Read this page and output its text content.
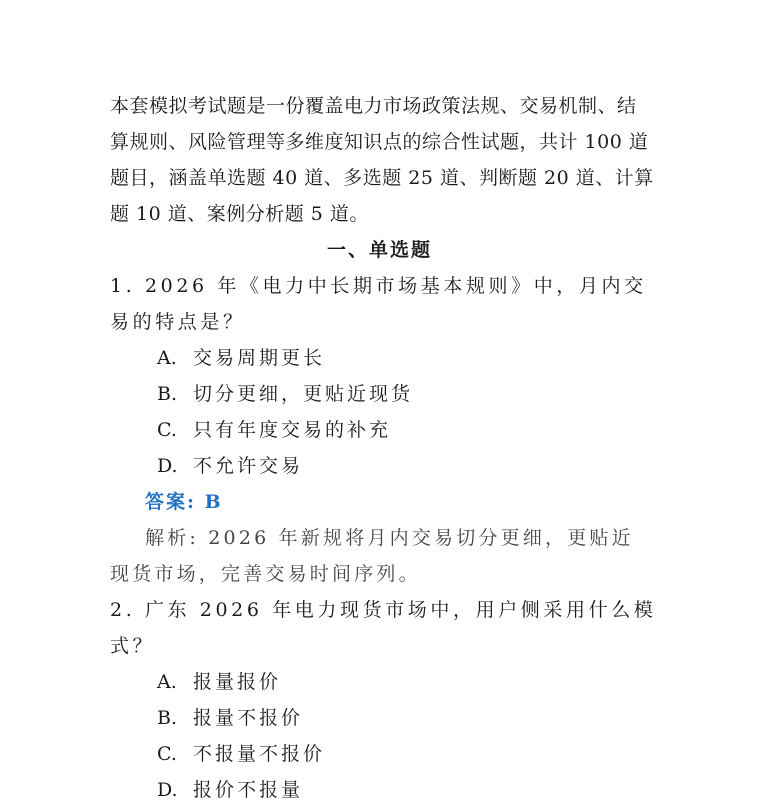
本套模拟考试题是一份覆盖电力市场政策法规、交易机制、结算规则、风险管理等多维度知识点的综合性试题，共计 100 道题目，涵盖单选题 40 道、多选题 25 道、判断题 20 道、计算题 10 道、案例分析题 5 道。
一、单选题
1. 2026 年《电力中长期市场基本规则》中，月内交
易的特点是？
A. 交易周期更长
B. 切分更细，更贴近现货
C. 只有年度交易的补充
D. 不允许交易
答案: B
解析: 2026 年新规将月内交易切分更细，更贴近
现货市场，完善交易时间序列。
2. 广东 2026 年电力现货市场中，用户侧采用什么模
式？
A. 报量报价
B. 报量不报价
C. 不报量不报价
D. 报价不报量
